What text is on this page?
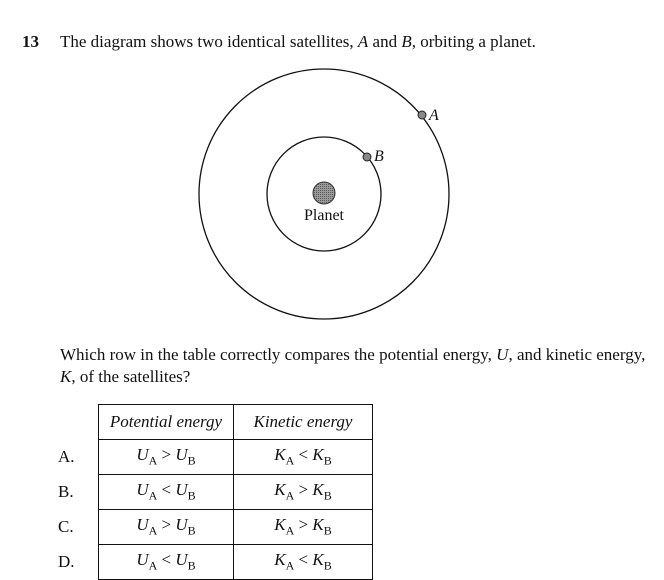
13 The diagram shows two identical satellites, A and B, orbiting a planet.
Planet
A
B
Which row in the table correctly compares the potential energy, U, and kinetic energy,
K, of the satellites?
	Potential energy	Kinetic energy
A.	$U_A > U_B$	$K_A < K_B$
B.	$U_A < U_B$	$K_A > K_B$
C.	$U_A > U_B$	$K_A > K_B$
D.	$U_A < U_B$	$K_A < K_B$
